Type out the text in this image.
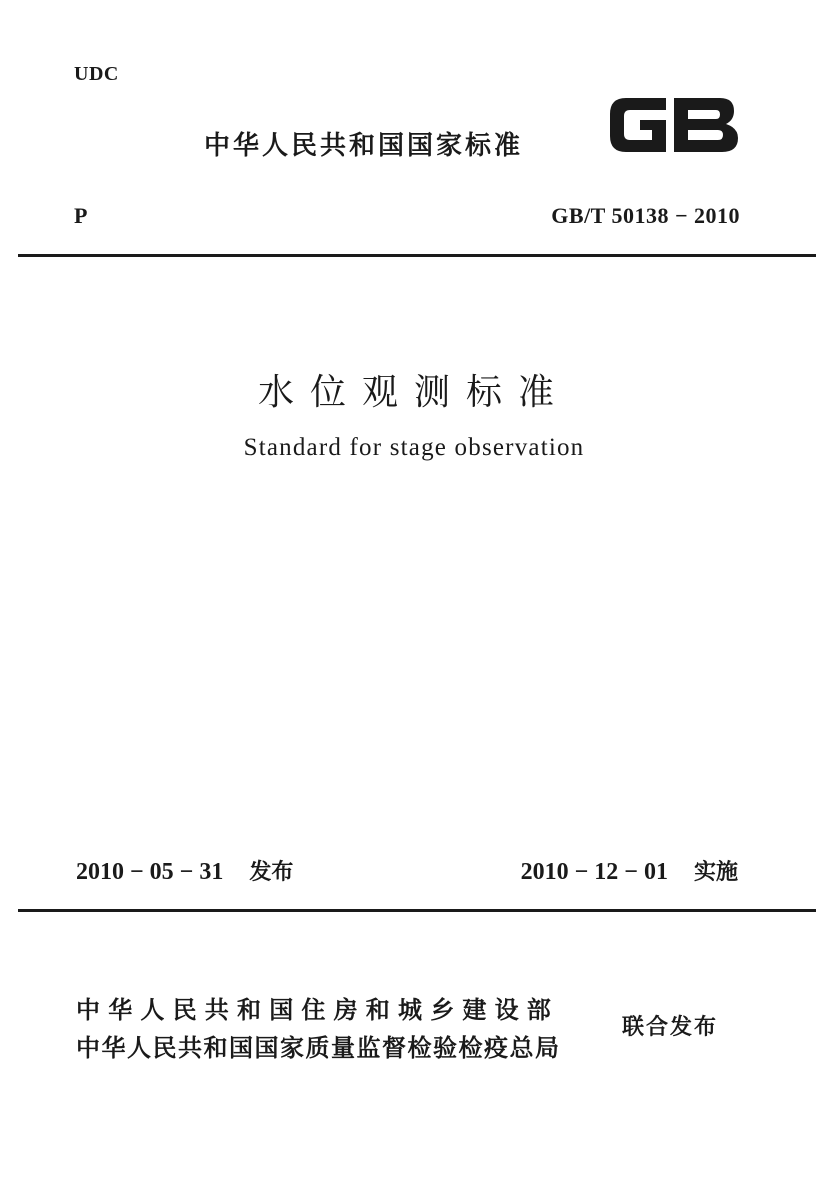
UDC
中华人民共和国国家标准
P	GB/T 50138 − 2010
水位观测标准
Standard for stage observation
2010 − 05 − 31 发布	2010 − 12 − 01 实施
中华人民共和国住房和城乡建设部
中华人民共和国国家质量监督检验检疫总局
联合发布
